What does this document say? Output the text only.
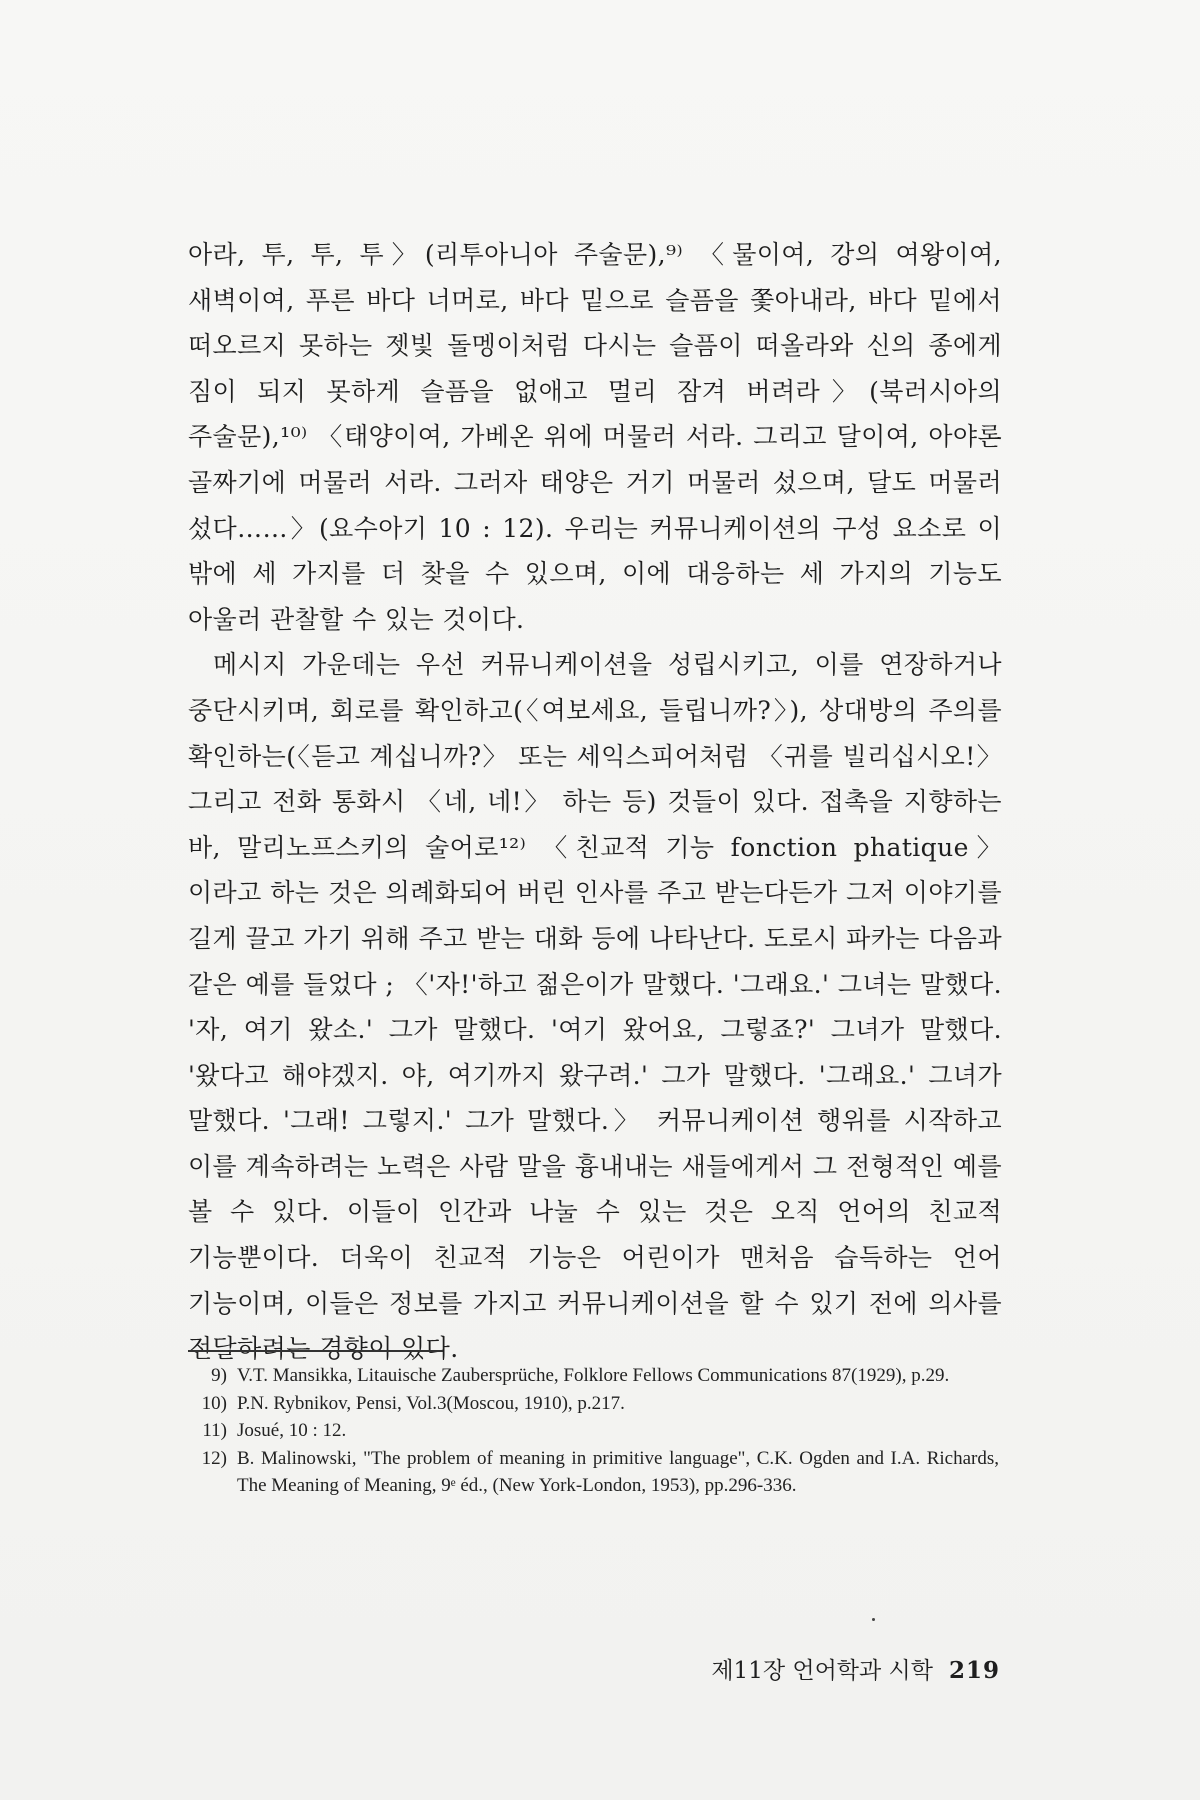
아라, 투, 투, 투〉(리투아니아 주술문),⁹⁾ 〈물이여, 강의 여왕이여, 새벽이여, 푸른 바다 너머로, 바다 밑으로 슬픔을 쫓아내라, 바다 밑에서 떠오르지 못하는 젯빛 돌멩이처럼 다시는 슬픔이 떠올라와 신의 종에게 짐이 되지 못하게 슬픔을 없애고 멀리 잠겨 버려라〉(북러시아의 주술문),¹⁰⁾ 〈태양이여, 가베온 위에 머물러 서라. 그리고 달이여, 아야론 골짜기에 머물러 서라. 그러자 태양은 거기 머물러 섰으며, 달도 머물러 섰다……〉(요수아기 10 : 12). 우리는 커뮤니케이션의 구성 요소로 이 밖에 세 가지를 더 찾을 수 있으며, 이에 대응하는 세 가지의 기능도 아울러 관찰할 수 있는 것이다.

메시지 가운데는 우선 커뮤니케이션을 성립시키고, 이를 연장하거나 중단시키며, 회로를 확인하고(〈여보세요, 들립니까?〉), 상대방의 주의를 확인하는(〈듣고 계십니까?〉 또는 세익스피어처럼 〈귀를 빌리십시오!〉 그리고 전화 통화시 〈네, 네!〉 하는 등) 것들이 있다. 접촉을 지향하는 바, 말리노프스키의 술어로¹²⁾ 〈친교적 기능 fonction phatique〉이라고 하는 것은 의례화되어 버린 인사를 주고 받는다든가 그저 이야기를 길게 끌고 가기 위해 주고 받는 대화 등에 나타난다. 도로시 파카는 다음과 같은 예를 들었다 ; 〈'자!'하고 젊은이가 말했다. '그래요.' 그녀는 말했다. '자, 여기 왔소.' 그가 말했다. '여기 왔어요, 그렇죠?' 그녀가 말했다. '왔다고 해야겠지. 야, 여기까지 왔구려.' 그가 말했다. '그래요.' 그녀가 말했다. '그래! 그렇지.' 그가 말했다.〉 커뮤니케이션 행위를 시작하고 이를 계속하려는 노력은 사람 말을 흉내내는 새들에게서 그 전형적인 예를 볼 수 있다. 이들이 인간과 나눌 수 있는 것은 오직 언어의 친교적 기능뿐이다. 더욱이 친교적 기능은 어린이가 맨처음 습득하는 언어 기능이며, 이들은 정보를 가지고 커뮤니케이션을 할 수 있기 전에 의사를 전달하려는 경향이 있다.

9) V.T. Mansikka, Litauische Zaubersprüche, Folklore Fellows Communications 87(1929), p.29.
10) P.N. Rybnikov, Pensi, Vol.3(Moscou, 1910), p.217.
11) Josué, 10 : 12.
12) B. Malinowski, "The problem of meaning in primitive language", C.K. Ogden and I.A. Richards, The Meaning of Meaning, 9ᵉ éd., (New York-London, 1953), pp.296-336.
제11장 언어학과 시학 219
